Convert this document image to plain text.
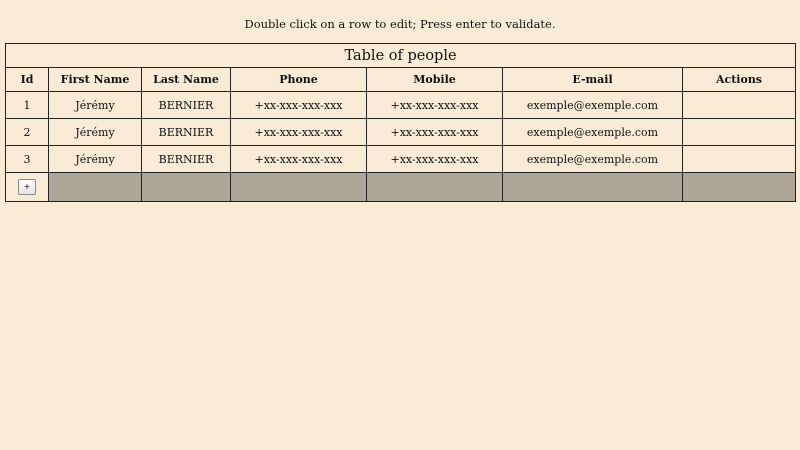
Double click on a row to edit; Press enter to validate.
Table of people						
Id	First Name	Last Name	Phone	Mobile	E-mail	Actions
1	Jérémy	BERNIER	+xx-xxx-xxx-xxx	+xx-xxx-xxx-xxx	exemple@exemple.com	
2	Jérémy	BERNIER	+xx-xxx-xxx-xxx	+xx-xxx-xxx-xxx	exemple@exemple.com	
3	Jérémy	BERNIER	+xx-xxx-xxx-xxx	+xx-xxx-xxx-xxx	exemple@exemple.com	
+						
